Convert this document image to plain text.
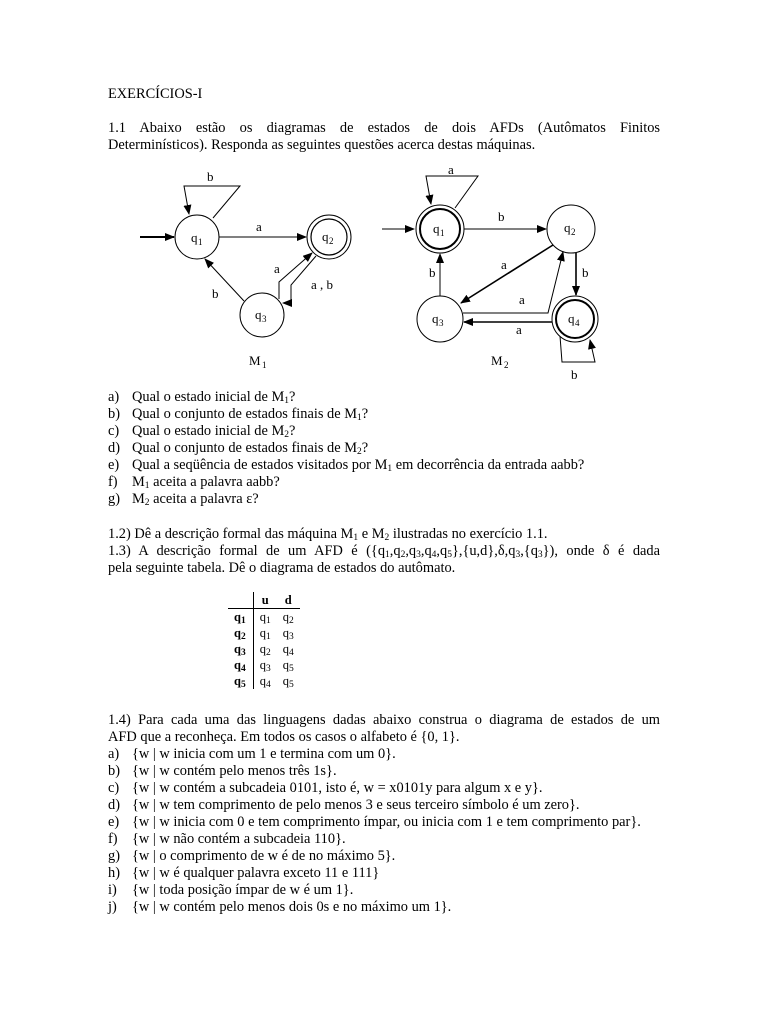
EXERCÍCIOS-I
1.1 Abaixo estão os diagramas de estados de dois AFDs (Autômatos Finitos
Determinísticos). Responda as seguintes questões acerca destas máquinas.
q 1	q 2
q 3
b
a
a , b
a
b
M 1
q 1	q 2
q 3	q 4
a
b
a
b
a
b
a
b
M 2
a) Qual o estado inicial de $M_1$?
b) Qual o conjunto de estados finais de $M_1$?
c) Qual o estado inicial de $M_2$?
d) Qual o conjunto de estados finais de $M_2$?
e) Qual a seqüência de estados visitados por $M_1$ em decorrência da entrada aabb?
f) $M_1$ aceita a palavra aabb?
g) $M_2$ aceita a palavra ε?
1.2) Dê a descrição formal das máquina $M_1$ e $M_2$ ilustradas no exercício 1.1.
1.3) A descrição formal de um AFD é ({q1,q2,q3,q4,q5},{u,d},δ,q3,{q3}), onde δ é dada
pela seguinte tabela. Dê o diagrama de estados do autômato.
	u	d
q1	q1	q2
q2	q1	q3
q3	q2	q4
q4	q3	q5
q5	q4	q5
1.4) Para cada uma das linguagens dadas abaixo construa o diagrama de estados de um
AFD que a reconheça. Em todos os casos o alfabeto é {0, 1}.
a) {w | w inicia com um 1 e termina com um 0}.
b) {w | w contém pelo menos três 1s}.
c) {w | w contém a subcadeia 0101, isto é, w = x0101y para algum x e y}.
d) {w | w tem comprimento de pelo menos 3 e seus terceiro símbolo é um zero}.
e) {w | w inicia com 0 e tem comprimento ímpar, ou inicia com 1 e tem comprimento par}.
f) {w | w não contém a subcadeia 110}.
g) {w | o comprimento de w é de no máximo 5}.
h) {w | w é qualquer palavra exceto 11 e 111}
i) {w | toda posição ímpar de w é um 1}.
j) {w | w contém pelo menos dois 0s e no máximo um 1}.
